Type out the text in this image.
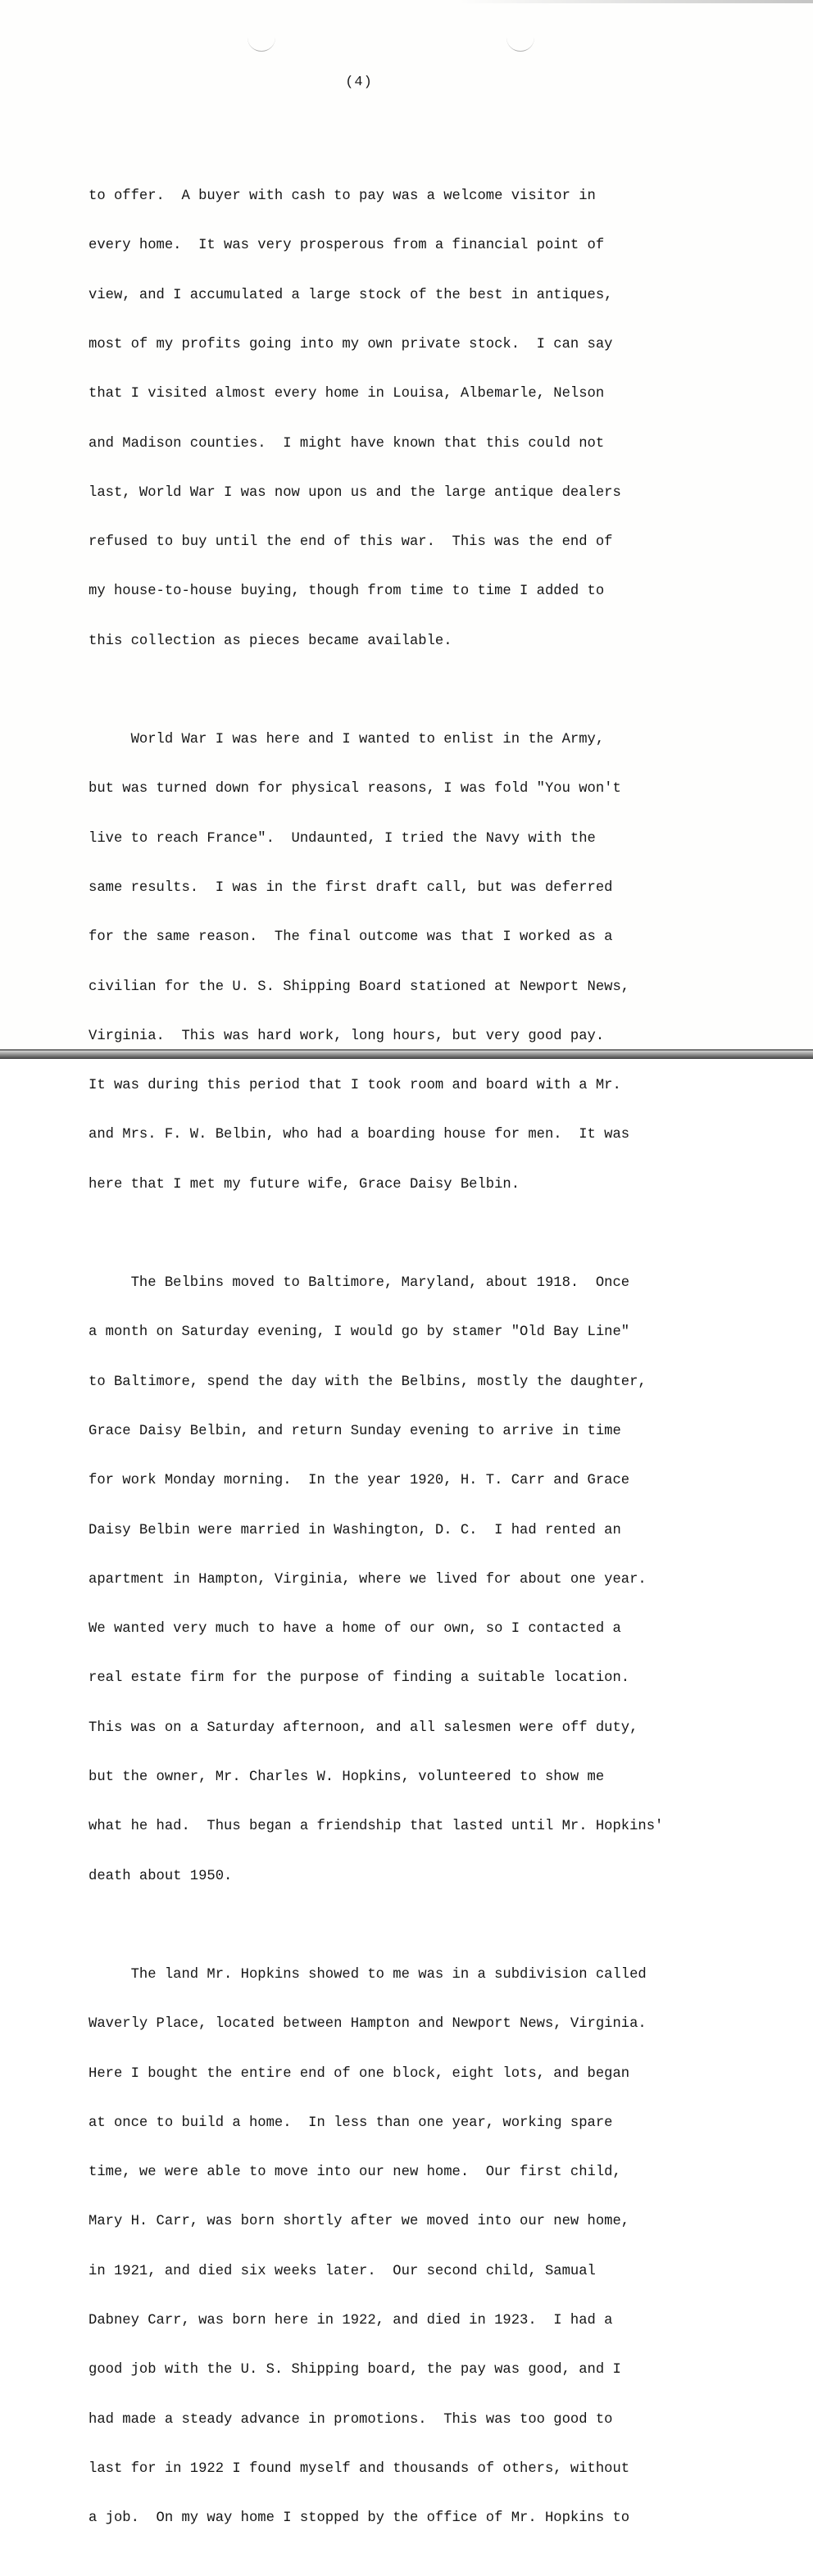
(4)

to offer.  A buyer with cash to pay was a welcome visitor in

every home.  It was very prosperous from a financial point of

view, and I accumulated a large stock of the best in antiques,

most of my profits going into my own private stock.  I can say

that I visited almost every home in Louisa, Albemarle, Nelson

and Madison counties.  I might have known that this could not

last, World War I was now upon us and the large antique dealers

refused to buy until the end of this war.  This was the end of

my house-to-house buying, though from time to time I added to

this collection as pieces became available.

World War I was here and I wanted to enlist in the Army,

but was turned down for physical reasons, I was fold "You won't

live to reach France".  Undaunted, I tried the Navy with the

same results.  I was in the first draft call, but was deferred

for the same reason.  The final outcome was that I worked as a

civilian for the U. S. Shipping Board stationed at Newport News,

Virginia.  This was hard work, long hours, but very good pay.

It was during this period that I took room and board with a Mr.

and Mrs. F. W. Belbin, who had a boarding house for men.  It was

here that I met my future wife, Grace Daisy Belbin.

The Belbins moved to Baltimore, Maryland, about 1918.  Once

a month on Saturday evening, I would go by stamer "Old Bay Line"

to Baltimore, spend the day with the Belbins, mostly the daughter,

Grace Daisy Belbin, and return Sunday evening to arrive in time

for work Monday morning.  In the year 1920, H. T. Carr and Grace

Daisy Belbin were married in Washington, D. C.  I had rented an

apartment in Hampton, Virginia, where we lived for about one year.

We wanted very much to have a home of our own, so I contacted a

real estate firm for the purpose of finding a suitable location.

This was on a Saturday afternoon, and all salesmen were off duty,

but the owner, Mr. Charles W. Hopkins, volunteered to show me

what he had.  Thus began a friendship that lasted until Mr. Hopkins'

death about 1950.

The land Mr. Hopkins showed to me was in a subdivision called

Waverly Place, located between Hampton and Newport News, Virginia.

Here I bought the entire end of one block, eight lots, and began

at once to build a home.  In less than one year, working spare

time, we were able to move into our new home.  Our first child,

Mary H. Carr, was born shortly after we moved into our new home,

in 1921, and died six weeks later.  Our second child, Samual

Dabney Carr, was born here in 1922, and died in 1923.  I had a

good job with the U. S. Shipping board, the pay was good, and I

had made a steady advance in promotions.  This was too good to

last for in 1922 I found myself and thousands of others, without

a job.  On my way home I stopped by the office of Mr. Hopkins to
